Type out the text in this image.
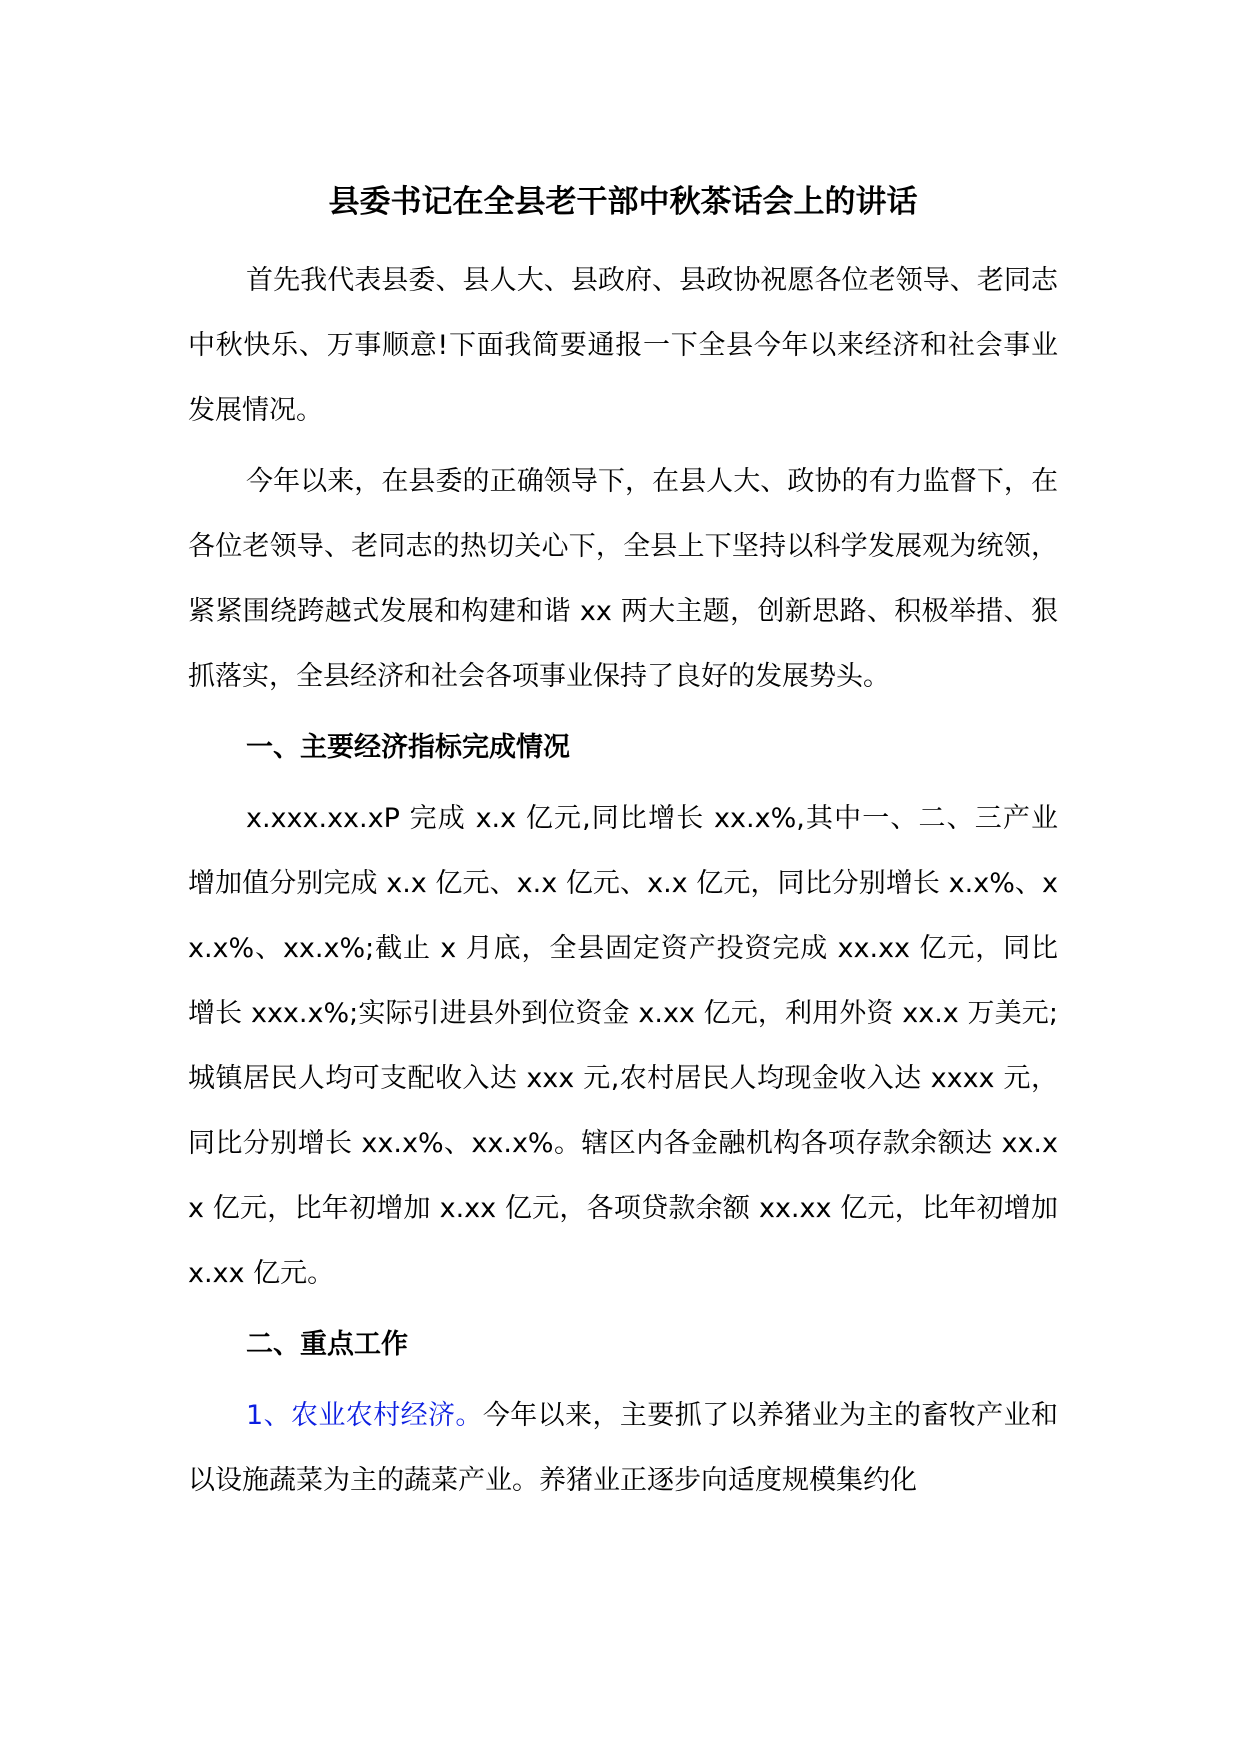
县委书记在全县老干部中秋茶话会上的讲话

首先我代表县委、县人大、县政府、县政协祝愿各位老领导、老同志中秋快乐、万事顺意!下面我简要通报一下全县今年以来经济和社会事业发展情况。

今年以来，在县委的正确领导下，在县人大、政协的有力监督下，在各位老领导、老同志的热切关心下，全县上下坚持以科学发展观为统领，紧紧围绕跨越式发展和构建和谐 xx 两大主题，创新思路、积极举措、狠抓落实，全县经济和社会各项事业保持了良好的发展势头。

一、主要经济指标完成情况

x.xxx.xx.xP 完成 x.x 亿元,同比增长 xx.x%,其中一、二、三产业增加值分别完成 x.x 亿元、x.x 亿元、x.x 亿元，同比分别增长 x.x%、xx.x%、xx.x%;截止 x 月底，全县固定资产投资完成 xx.xx 亿元，同比增长 xxx.x%;实际引进县外到位资金 x.xx 亿元，利用外资 xx.x 万美元;城镇居民人均可支配收入达 xxx 元,农村居民人均现金收入达 xxxx 元，同比分别增长 xx.x%、xx.x%。辖区内各金融机构各项存款余额达 xx.xx 亿元，比年初增加 x.xx 亿元，各项贷款余额 xx.xx 亿元，比年初增加 x.xx 亿元。

二、重点工作

1、农业农村经济。今年以来，主要抓了以养猪业为主的畜牧产业和以设施蔬菜为主的蔬菜产业。养猪业正逐步向适度规模集约化
